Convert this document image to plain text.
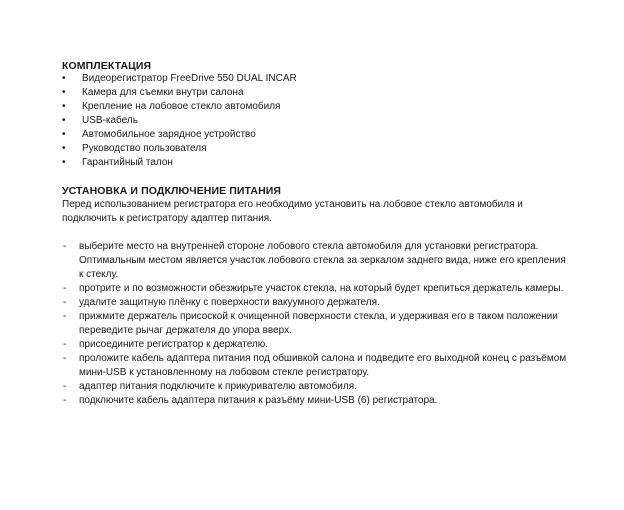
КОМПЛЕКТАЦИЯ
• Видеорегистратор FreeDrive 550 DUAL INCAR
• Камера для съемки внутри салона
• Крепление на лобовое стекло автомобиля
• USB-кабель
• Автомобильное зарядное устройство
• Руководство пользователя
• Гарантийный талон
УСТАНОВКА И ПОДКЛЮЧЕНИЕ ПИТАНИЯ

Перед использованием регистратора его необходимо установить на лобовое стекло автомобиля и подключить к регистратору адаптер питания.

- выберите место на внутренней стороне лобового стекла автомобиля для установки регистратора. Оптимальным местом является участок лобового стекла за зеркалом заднего вида, ниже его крепления к стеклу.
- протрите и по возможности обезжирьте участок стекла, на который будет крепиться держатель камеры.
- удалите защитную плёнку с поверхности вакуумного держателя.
- прижмите держатель присоской к очищенной поверхности стекла, и удерживая его в таком положении переведите рычаг держателя до упора вверх.
- присоедините регистратор к держателю.
- проложите кабель адаптера питания под обшивкой салона и подведите его выходной конец с разъёмом мини-USB к установленному на лобовом стекле регистратору.
- адаптер питания подключите к прикуривателю автомобиля.
- подключите кабель адаптера питания к разъёму мини-USB (6) регистратора.
